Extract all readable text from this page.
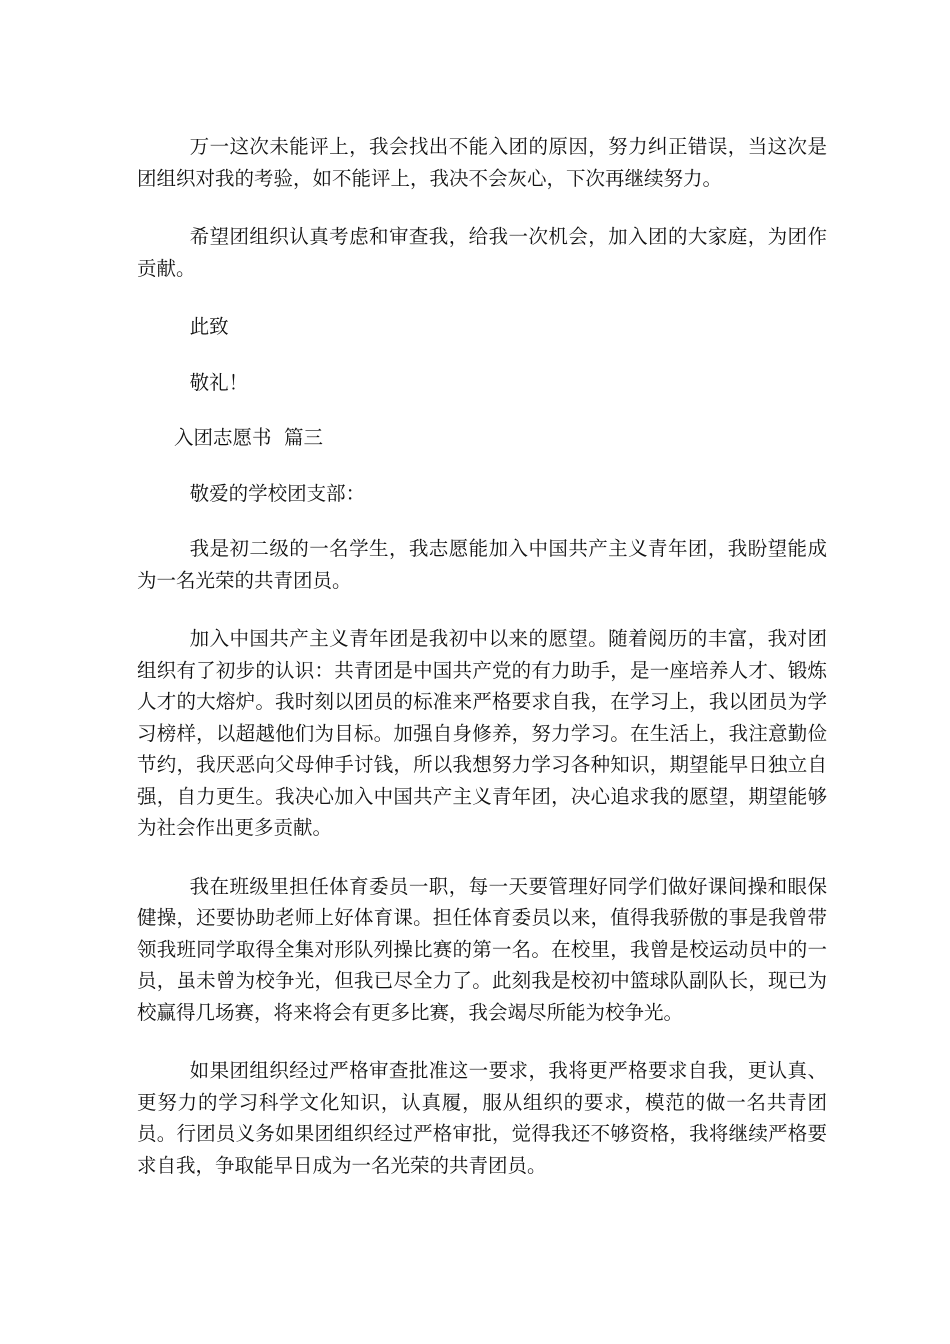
万一这次未能评上，我会找出不能入团的原因，努力纠正错误，当这次是团组织对我的考验，如不能评上，我决不会灰心，下次再继续努力。

希望团组织认真考虑和审查我，给我一次机会，加入团的大家庭，为团作贡献。

此致

敬礼！

入团志愿书  篇三

敬爱的学校团支部：

我是初二级的一名学生，我志愿能加入中国共产主义青年团，我盼望能成为一名光荣的共青团员。

加入中国共产主义青年团是我初中以来的愿望。随着阅历的丰富，我对团组织有了初步的认识：共青团是中国共产党的有力助手，是一座培养人才、锻炼人才的大熔炉。我时刻以团员的标准来严格要求自我，在学习上，我以团员为学习榜样，以超越他们为目标。加强自身修养，努力学习。在生活上，我注意勤俭节约，我厌恶向父母伸手讨钱，所以我想努力学习各种知识，期望能早日独立自强，自力更生。我决心加入中国共产主义青年团，决心追求我的愿望，期望能够为社会作出更多贡献。

我在班级里担任体育委员一职，每一天要管理好同学们做好课间操和眼保健操，还要协助老师上好体育课。担任体育委员以来，值得我骄傲的事是我曾带领我班同学取得全集对形队列操比赛的第一名。在校里，我曾是校运动员中的一员，虽未曾为校争光，但我已尽全力了。此刻我是校初中篮球队副队长，现已为校赢得几场赛，将来将会有更多比赛，我会竭尽所能为校争光。

如果团组织经过严格审查批准这一要求，我将更严格要求自我，更认真、更努力的学习科学文化知识，认真履，服从组织的要求，模范的做一名共青团员。行团员义务如果团组织经过严格审批，觉得我还不够资格，我将继续严格要求自我，争取能早日成为一名光荣的共青团员。
